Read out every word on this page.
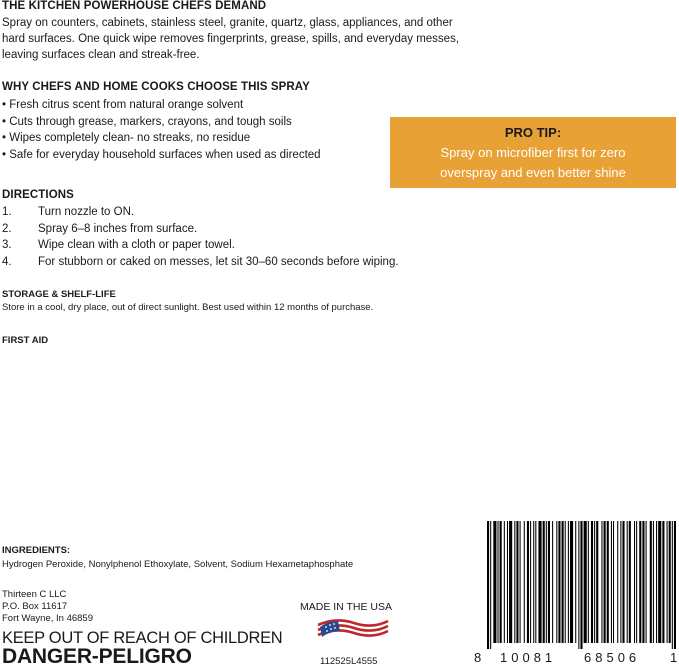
THE KITCHEN POWERHOUSE CHEFS DEMAND
Spray on counters, cabinets, stainless steel, granite, quartz, glass, appliances, and other
hard surfaces. One quick wipe removes fingerprints, grease, spills, and everyday messes,
leaving surfaces clean and streak-free.
WHY CHEFS AND HOME COOKS CHOOSE THIS SPRAY
• Fresh citrus scent from natural orange solvent
• Cuts through grease, markers, crayons, and tough soils
• Wipes completely clean- no streaks, no residue
• Safe for everyday household surfaces when used as directed
PRO TIP:
Spray on microfiber first for zero
overspray and even better shine
DIRECTIONS
1.	Turn nozzle to ON.
2.	Spray 6–8 inches from surface.
3.	Wipe clean with a cloth or paper towel.
4.	For stubborn or caked on messes, let sit 30–60 seconds before wiping.
STORAGE & SHELF-LIFE
Store in a cool, dry place, out of direct sunlight. Best used within 12 months of purchase.
FIRST AID
INGREDIENTS:
Hydrogen Peroxide, Nonylphenol Ethoxylate, Solvent, Sodium Hexametaphosphate
Thirteen C LLC
P.O. Box 11617
Fort Wayne, In 46859
KEEP OUT OF REACH OF CHILDREN
DANGER-PELIGRO
MADE IN THE USA
112525L4555	8 10081 68506 1
